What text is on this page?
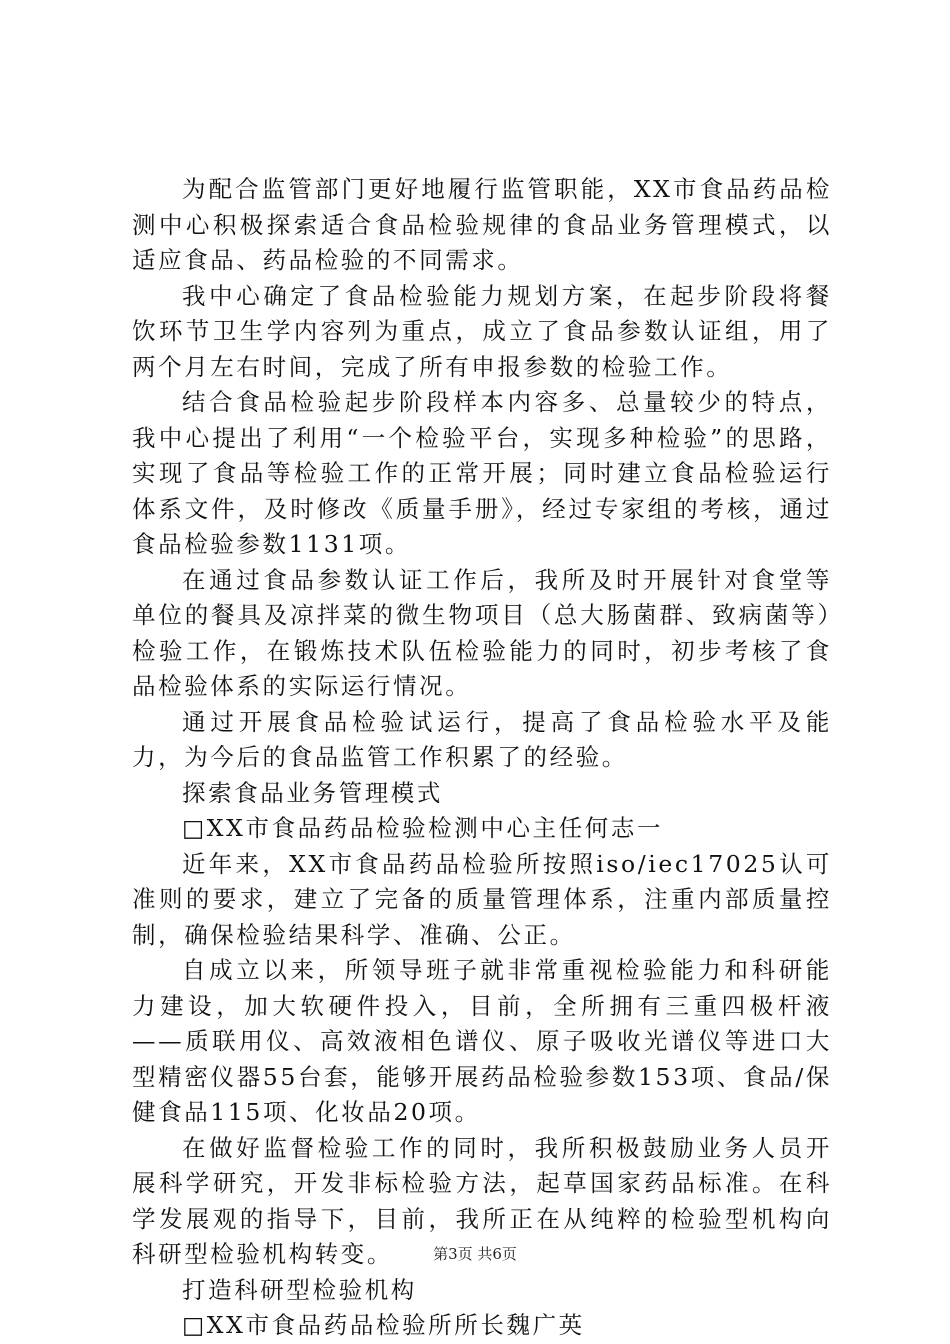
为配合监管部门更好地履行监管职能，XX市食品药品检测中心积极探索适合食品检验规律的食品业务管理模式，以适应食品、药品检验的不同需求。

我中心确定了食品检验能力规划方案，在起步阶段将餐饮环节卫生学内容列为重点，成立了食品参数认证组，用了两个月左右时间，完成了所有申报参数的检验工作。

结合食品检验起步阶段样本内容多、总量较少的特点，我中心提出了利用“一个检验平台，实现多种检验”的思路，实现了食品等检验工作的正常开展；同时建立食品检验运行体系文件，及时修改《质量手册》，经过专家组的考核，通过食品检验参数1131项。

在通过食品参数认证工作后，我所及时开展针对食堂等单位的餐具及凉拌菜的微生物项目（总大肠菌群、致病菌等）检验工作，在锻炼技术队伍检验能力的同时，初步考核了食品检验体系的实际运行情况。

通过开展食品检验试运行，提高了食品检验水平及能力，为今后的食品监管工作积累了的经验。

探索食品业务管理模式

□XX市食品药品检验检测中心主任何志一

近年来，XX市食品药品检验所按照iso/iec17025认可准则的要求，建立了完备的质量管理体系，注重内部质量控制，确保检验结果科学、准确、公正。

自成立以来，所领导班子就非常重视检验能力和科研能力建设，加大软硬件投入，目前，全所拥有三重四极杆液——质联用仪、高效液相色谱仪、原子吸收光谱仪等进口大型精密仪器55台套，能够开展药品检验参数153项、食品/保健食品115项、化妆品20项。

在做好监督检验工作的同时，我所积极鼓励业务人员开展科学研究，开发非标检验方法，起草国家药品标准。在科学发展观的指导下，目前，我所正在从纯粹的检验型机构向科研型检验机构转变。

打造科研型检验机构

□XX市食品药品检验所所长魏广英

第3页 共6页
